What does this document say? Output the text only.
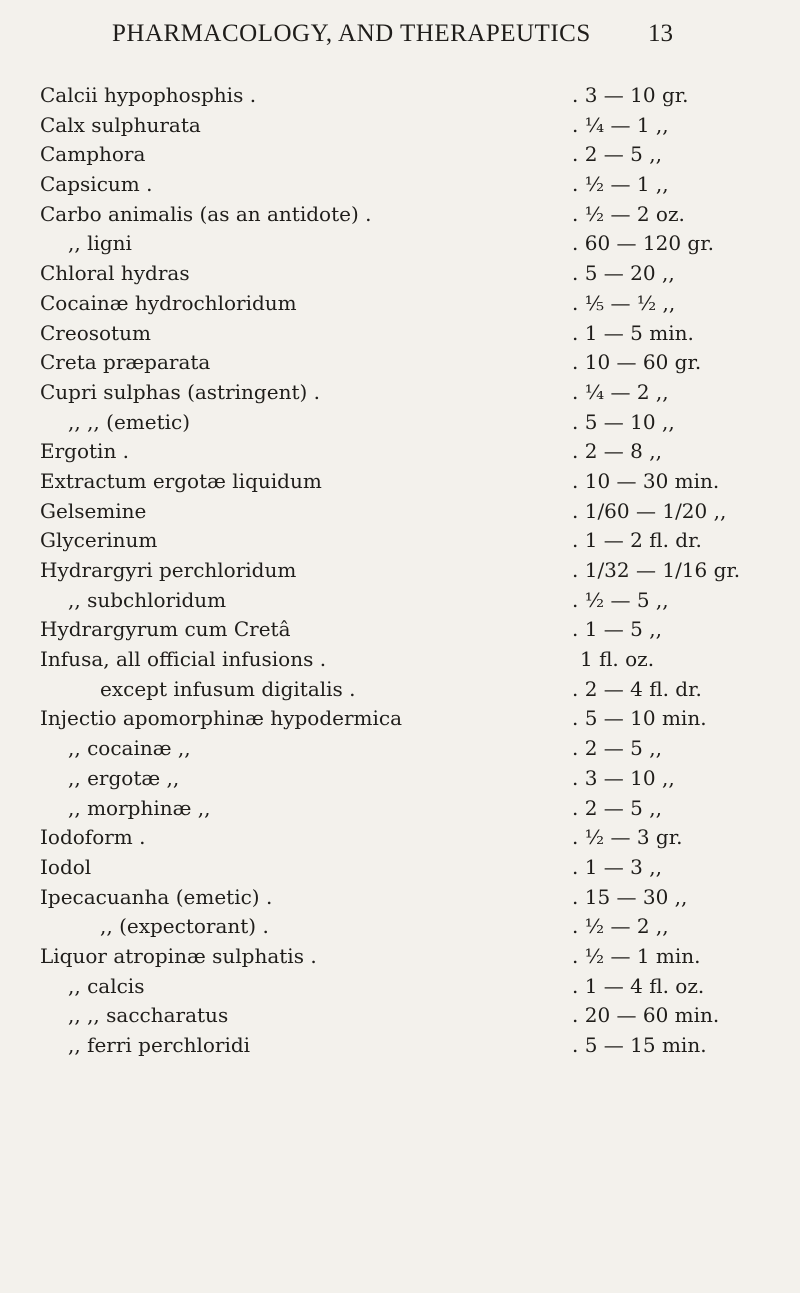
PHARMACOLOGY, AND THERAPEUTICS 13
Calcii hypophosphis .	. 3 — 10 gr.
Calx sulphurata	. ¼ — 1 ,,
Camphora	. 2 — 5 ,,
Capsicum .	. ½ — 1 ,,
Carbo animalis (as an antidote) .	. ½ — 2 oz.
,, ligni	. 60 — 120 gr.
Chloral hydras	. 5 — 20 ,,
Cocainæ hydrochloridum	. ⅕ — ½ ,,
Creosotum	. 1 — 5 min.
Creta præparata	. 10 — 60 gr.
Cupri sulphas (astringent) .	. ¼ — 2 ,,
,, ,, (emetic)	. 5 — 10 ,,
Ergotin .	. 2 — 8 ,,
Extractum ergotæ liquidum	. 10 — 30 min.
Gelsemine	. 1/60 — 1/20 ,,
Glycerinum	. 1 — 2 fl. dr.
Hydrargyri perchloridum	. 1/32 — 1/16 gr.
,, subchloridum	. ½ — 5 ,,
Hydrargyrum cum Cretâ	. 1 — 5 ,,
Infusa, all official infusions .	1 fl. oz.
except infusum digitalis .	. 2 — 4 fl. dr.
Injectio apomorphinæ hypodermica	. 5 — 10 min.
,, cocainæ ,,	. 2 — 5 ,,
,, ergotæ ,,	. 3 — 10 ,,
,, morphinæ ,,	. 2 — 5 ,,
Iodoform .	. ½ — 3 gr.
Iodol	. 1 — 3 ,,
Ipecacuanha (emetic) .	. 15 — 30 ,,
,, (expectorant) .	. ½ — 2 ,,
Liquor atropinæ sulphatis .	. ½ — 1 min.
,, calcis	. 1 — 4 fl. oz.
,, ,, saccharatus	. 20 — 60 min.
,, ferri perchloridi	. 5 — 15 min.
